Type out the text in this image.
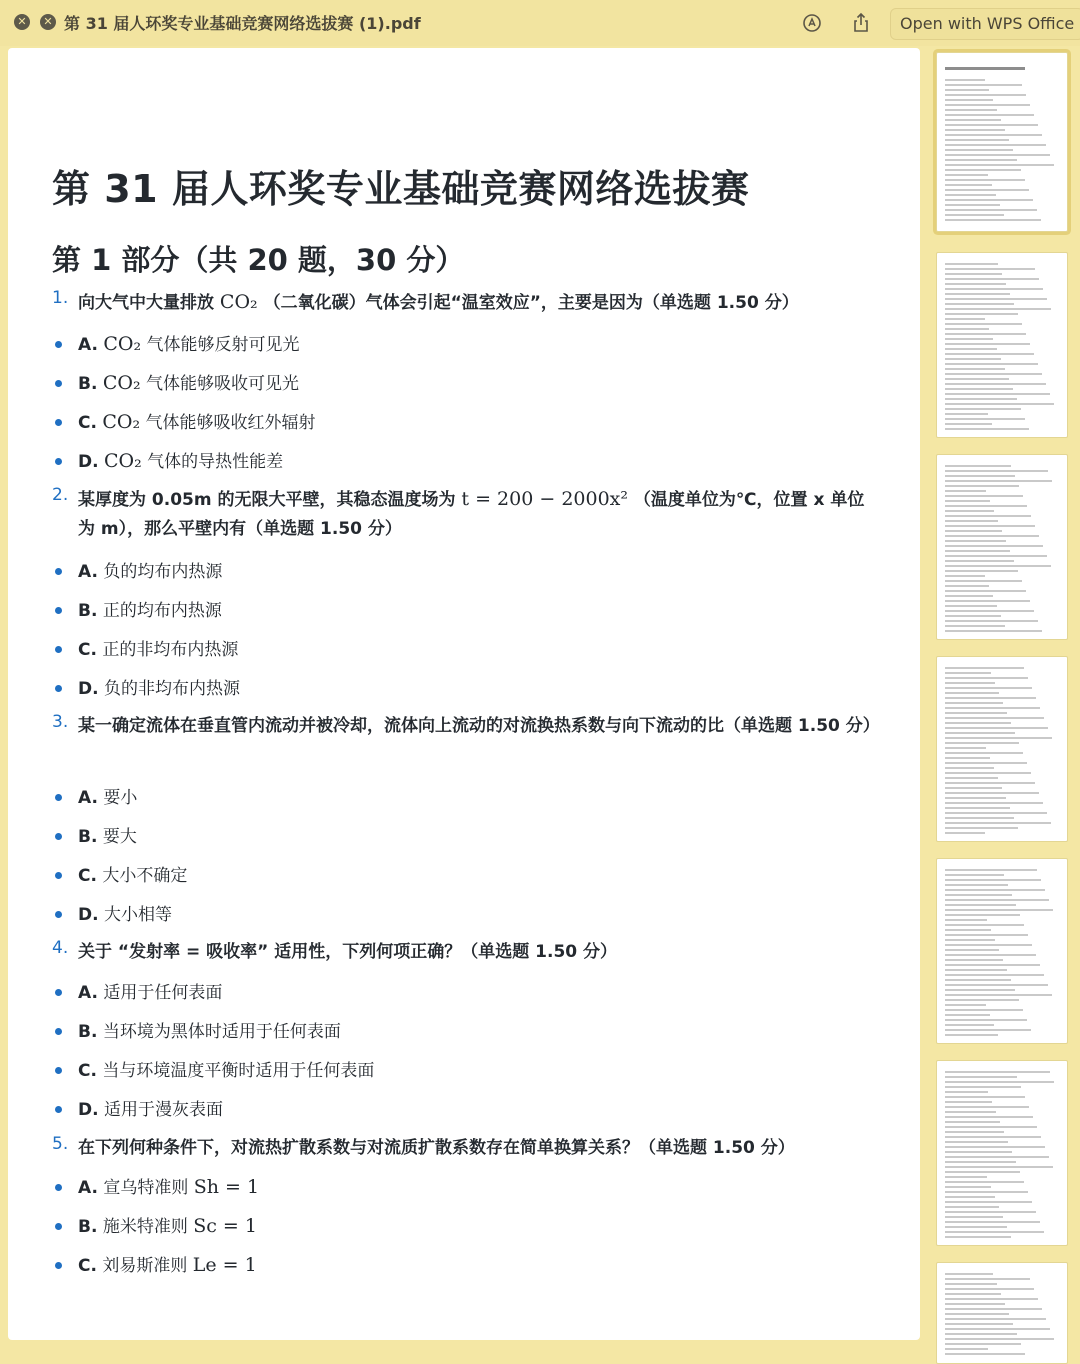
✕	✕ 第 31 届人环奖专业基础竞赛网络选拔赛 (1).pdf	Open with WPS Office
第 31 届人环奖专业基础竞赛网络选拔赛
第 1 部分（共 20 题，30 分）
1. 向大气中大量排放 CO₂ （二氧化碳）气体会引起“温室效应”，主要是因为（单选题 1.50 分）
A. CO₂ 气体能够反射可见光
B. CO₂ 气体能够吸收可见光
C. CO₂ 气体能够吸收红外辐射
D. CO₂ 气体的导热性能差
2. 某厚度为 0.05m 的无限大平壁，其稳态温度场为 t = 200 − 2000x² （温度单位为℃，位置 x 单位为 m），那么平壁内有（单选题 1.50 分）
A. 负的均布内热源
B. 正的均布内热源
C. 正的非均布内热源
D. 负的非均布内热源
3. 某一确定流体在垂直管内流动并被冷却，流体向上流动的对流换热系数与向下流动的比（单选题 1.50 分）
A. 要小
B. 要大
C. 大小不确定
D. 大小相等
4. 关于 “发射率 = 吸收率” 适用性，下列何项正确？（单选题 1.50 分）
A. 适用于任何表面
B. 当环境为黑体时适用于任何表面
C. 当与环境温度平衡时适用于任何表面
D. 适用于漫灰表面
5. 在下列何种条件下，对流热扩散系数与对流质扩散系数存在简单换算关系？（单选题 1.50 分）
A. 宣乌特准则 Sh = 1
B. 施米特准则 Sc = 1
C. 刘易斯准则 Le = 1
